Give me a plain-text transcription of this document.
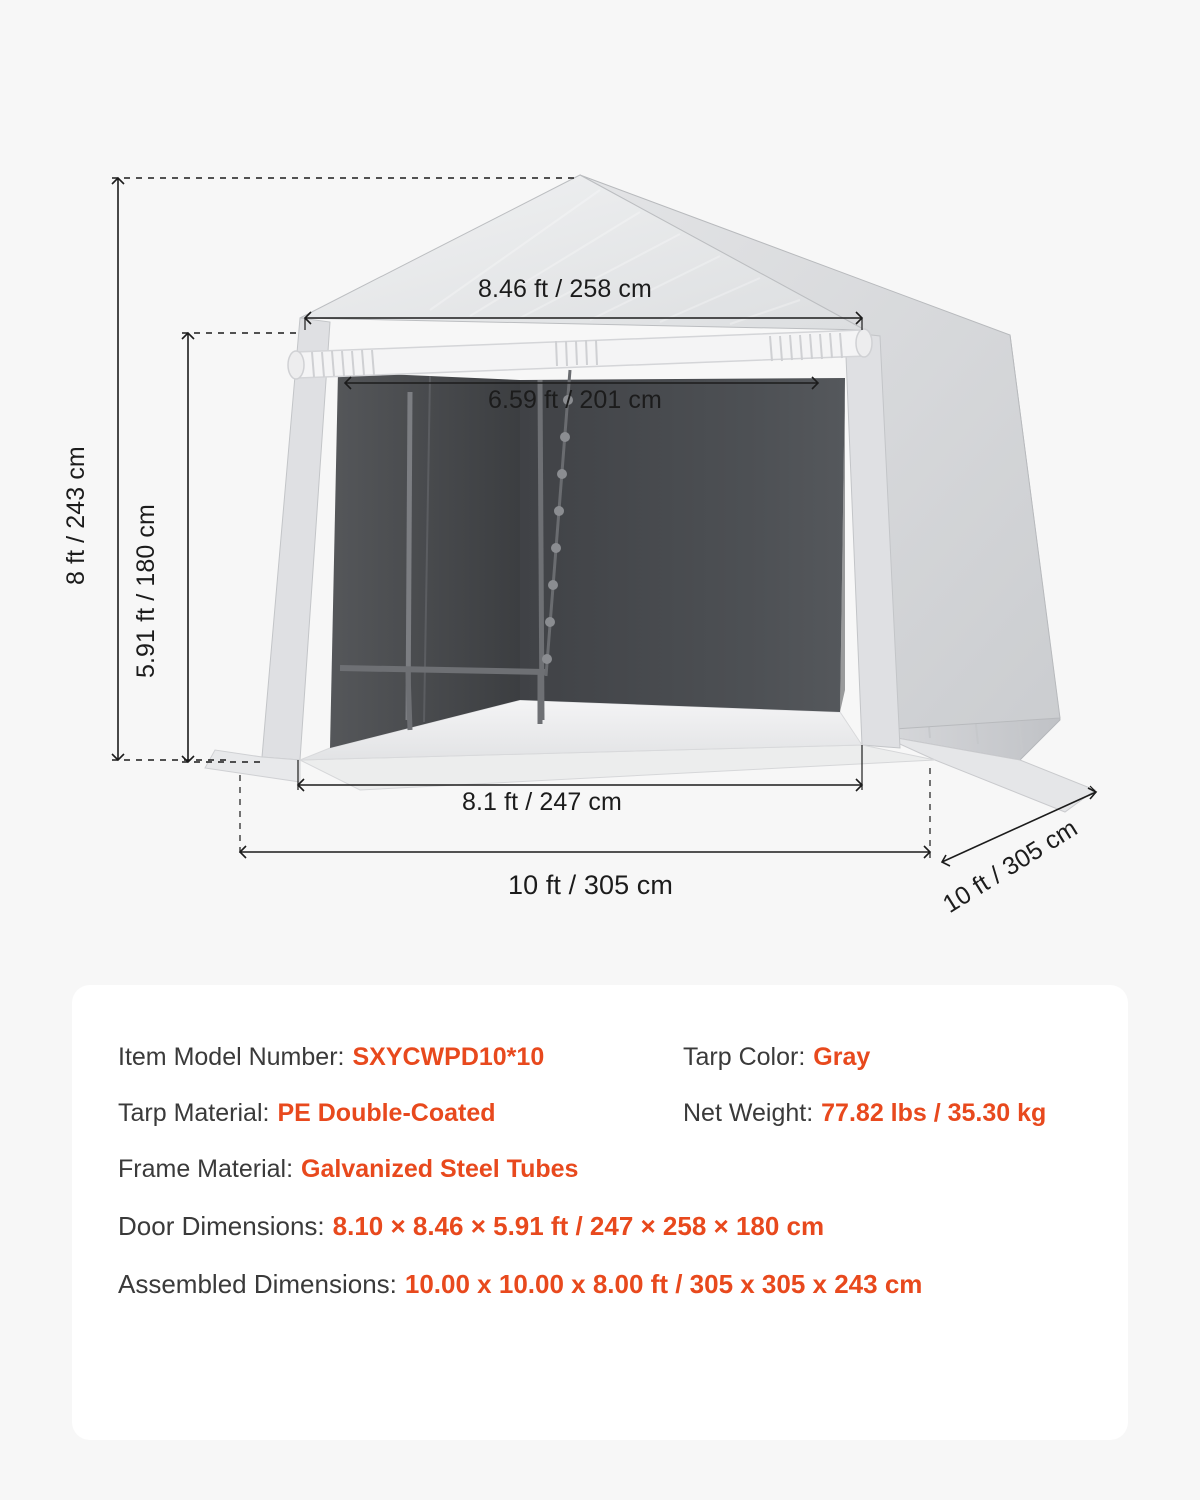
8.46 ft / 258 cm
6.59 ft / 201 cm
8.1 ft / 247 cm
10 ft / 305 cm
8 ft / 243 cm 5.91 ft / 180 cm
10 ft / 305 cm
Item Model Number: SXYCWPD10*10	Tarp Color: Gray
Tarp Material: PE Double-Coated	Net Weight: 77.82 lbs / 35.30 kg
Frame Material: Galvanized Steel Tubes
Door Dimensions: 8.10 × 8.46 × 5.91 ft / 247 × 258 × 180 cm
Assembled Dimensions: 10.00 x 10.00 x 8.00 ft / 305 x 305 x 243 cm
